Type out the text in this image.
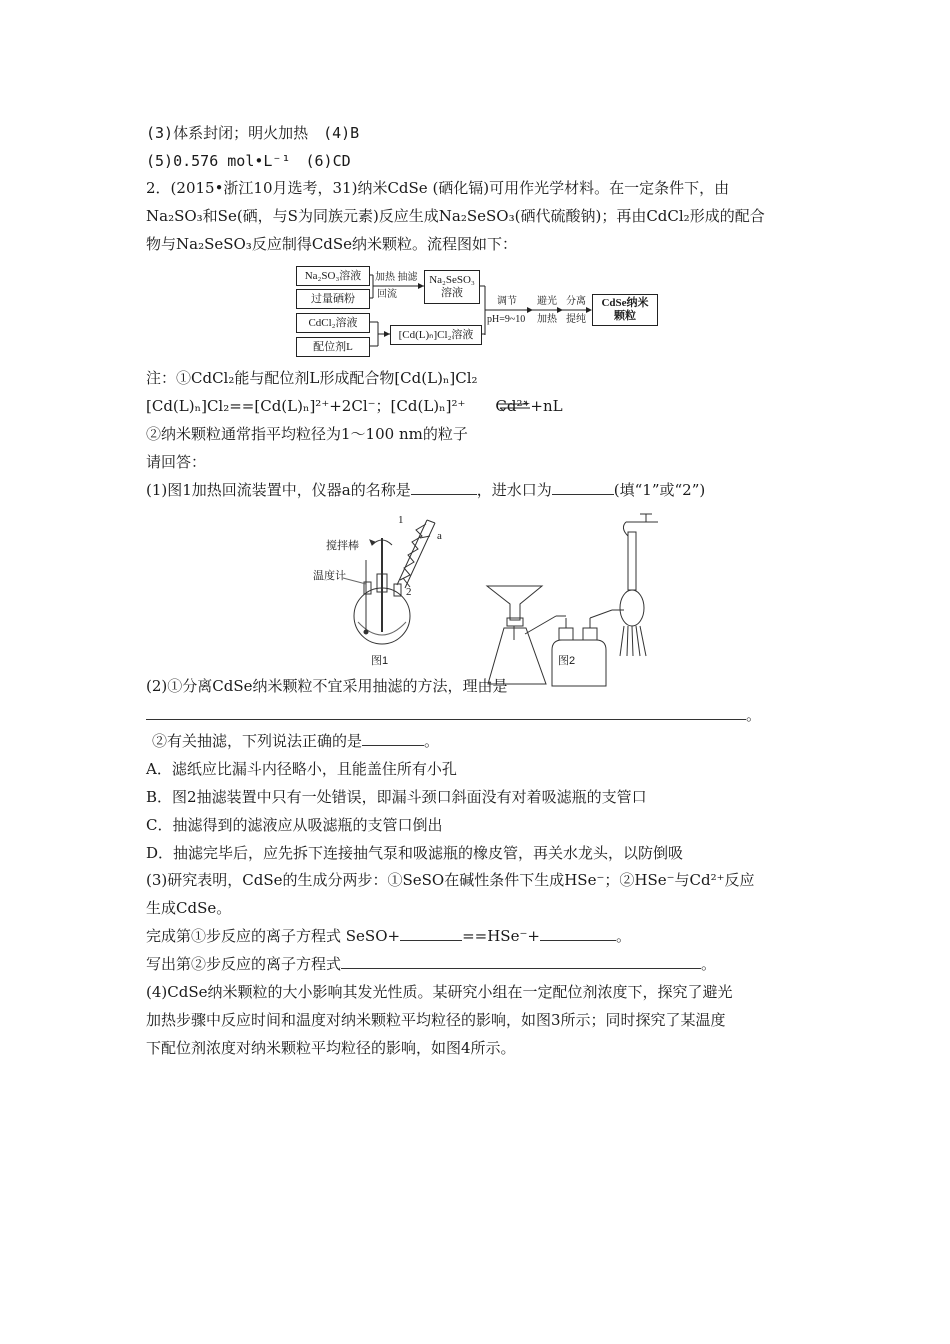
(3)体系封闭；明火加热　(4)B
(5)0.576 mol•L⁻¹　(6)CD
2．(2015•浙江10月选考，31)纳米CdSe (硒化镉)可用作光学材料。在一定条件下，由
Na₂SO₃和Se(硒，与S为同族元素)反应生成Na₂SeSO₃(硒代硫酸钠)；再由CdCl₂形成的配合
物与Na₂SeSO₃反应制得CdSe纳米颗粒。流程图如下：
Na₂SO₃溶液
过量硒粉
加热 抽滤
回流
Na₂SeSO₃溶液
CdCl₂溶液
配位剂L
[Cd(L)ₙ]Cl₂溶液
调节
pH=9~10
避光
加热
分离
提纯
CdSe纳米颗粒
注：①CdCl₂能与配位剂L形成配合物[Cd(L)ₙ]Cl₂
[Cd(L)ₙ]Cl₂==[Cd(L)ₙ]²⁺+2Cl⁻；[Cd(L)ₙ]²⁺　　Cd²⁺+nL
②纳米颗粒通常指平均粒径为1～100 nm的粒子
请回答：
(1)图1加热回流装置中，仪器a的名称是	，进水口为	(填“1”或“2”)
搅拌棒
温度计
a
1
2
图1	图2
(2)①分离CdSe纳米颗粒不宜采用抽滤的方法，理由是
。
②有关抽滤，下列说法正确的是	。
A．滤纸应比漏斗内径略小，且能盖住所有小孔
B．图2抽滤装置中只有一处错误，即漏斗颈口斜面没有对着吸滤瓶的支管口
C．抽滤得到的滤液应从吸滤瓶的支管口倒出
D．抽滤完毕后，应先拆下连接抽气泵和吸滤瓶的橡皮管，再关水龙头，以防倒吸
(3)研究表明，CdSe的生成分两步：①SeSO在碱性条件下生成HSe⁻；②HSe⁻与Cd²⁺反应
生成CdSe。
完成第①步反应的离子方程式 SeSO+	==HSe⁻+	。
写出第②步反应的离子方程式	。
(4)CdSe纳米颗粒的大小影响其发光性质。某研究小组在一定配位剂浓度下，探究了避光
加热步骤中反应时间和温度对纳米颗粒平均粒径的影响，如图3所示；同时探究了某温度
下配位剂浓度对纳米颗粒平均粒径的影响，如图4所示。
